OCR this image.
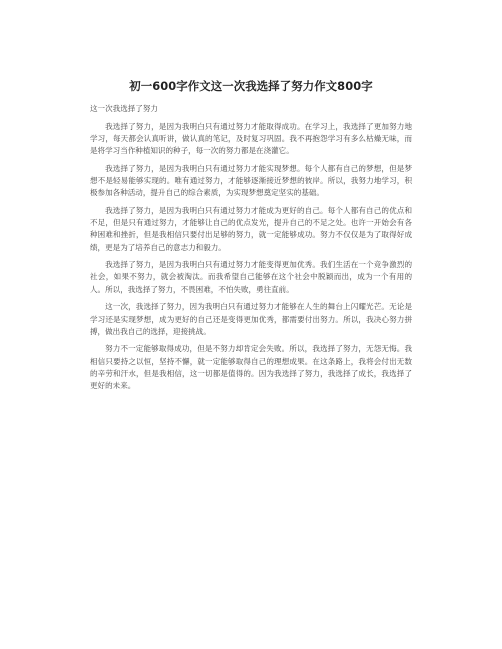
初一600字作文这一次我选择了努力作文800字

这一次我选择了努力

我选择了努力，是因为我明白只有通过努力才能取得成功。在学习上，我选择了更加努力地学习，每天都会认真听讲，做认真的笔记，及时复习巩固。我不再抱怨学习有多么枯燥无味，而是将学习当作种植知识的种子，每一次的努力都是在浇灌它。

我选择了努力，是因为我明白只有通过努力才能实现梦想。每个人都有自己的梦想，但是梦想不是轻易能够实现的。唯有通过努力，才能够逐渐接近梦想的彼岸。所以，我努力地学习，积极参加各种活动，提升自己的综合素质，为实现梦想奠定坚实的基础。

我选择了努力，是因为我明白只有通过努力才能成为更好的自己。每个人都有自己的优点和不足，但是只有通过努力，才能够让自己的优点发光，提升自己的不足之处。也许一开始会有各种困难和挫折，但是我相信只要付出足够的努力，就一定能够成功。努力不仅仅是为了取得好成绩，更是为了培养自己的意志力和毅力。

我选择了努力，是因为我明白只有通过努力才能变得更加优秀。我们生活在一个竞争激烈的社会，如果不努力，就会被淘汰。而我希望自己能够在这个社会中脱颖而出，成为一个有用的人。所以，我选择了努力，不畏困难，不怕失败，勇往直前。

这一次，我选择了努力，因为我明白只有通过努力才能够在人生的舞台上闪耀光芒。无论是学习还是实现梦想，成为更好的自己还是变得更加优秀，都需要付出努力。所以，我决心努力拼搏，做出我自己的选择，迎接挑战。

努力不一定能够取得成功，但是不努力却肯定会失败。所以，我选择了努力，无怨无悔。我相信只要持之以恒，坚持不懈，就一定能够取得自己的理想成果。在这条路上，我将会付出无数的辛劳和汗水，但是我相信，这一切都是值得的。因为我选择了努力，我选择了成长，我选择了更好的未来。
